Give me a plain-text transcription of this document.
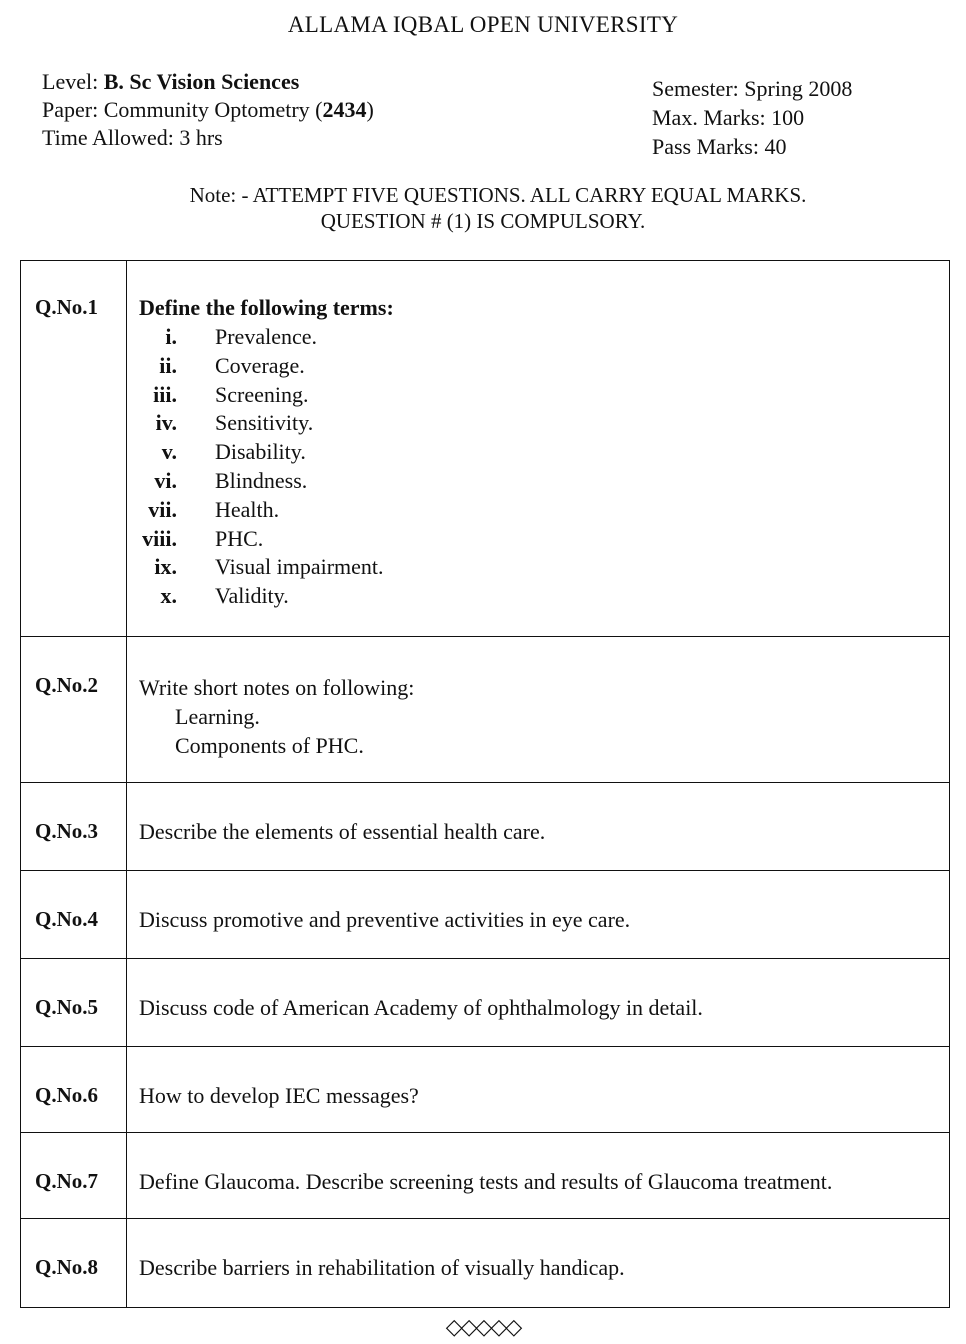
ALLAMA IQBAL OPEN UNIVERSITY
Level: B. Sc Vision Sciences
Paper: Community Optometry (2434)
Time Allowed: 3 hrs
Semester: Spring 2008
Max. Marks: 100
Pass Marks: 40
Note: - ATTEMPT FIVE QUESTIONS. ALL CARRY EQUAL MARKS.
QUESTION # (1) IS COMPULSORY.
Q.No.1	Define the following terms:
i.	Prevalence.
ii.	Coverage.
iii.	Screening.
iv.	Sensitivity.
v.	Disability.
vi.	Blindness.
vii.	Health.
viii.	PHC.
ix.	Visual impairment.
x.	Validity.
Q.No.2	Write short notes on following:
Learning.
Components of PHC.
Q.No.3	Describe the elements of essential health care.
Q.No.4	Discuss promotive and preventive activities in eye care.
Q.No.5	Discuss code of American Academy of ophthalmology in detail.
Q.No.6	How to develop IEC messages?
Q.No.7	Define Glaucoma. Describe screening tests and results of Glaucoma treatment.
Q.No.8	Describe barriers in rehabilitation of visually handicap.
◇◇◇◇◇
